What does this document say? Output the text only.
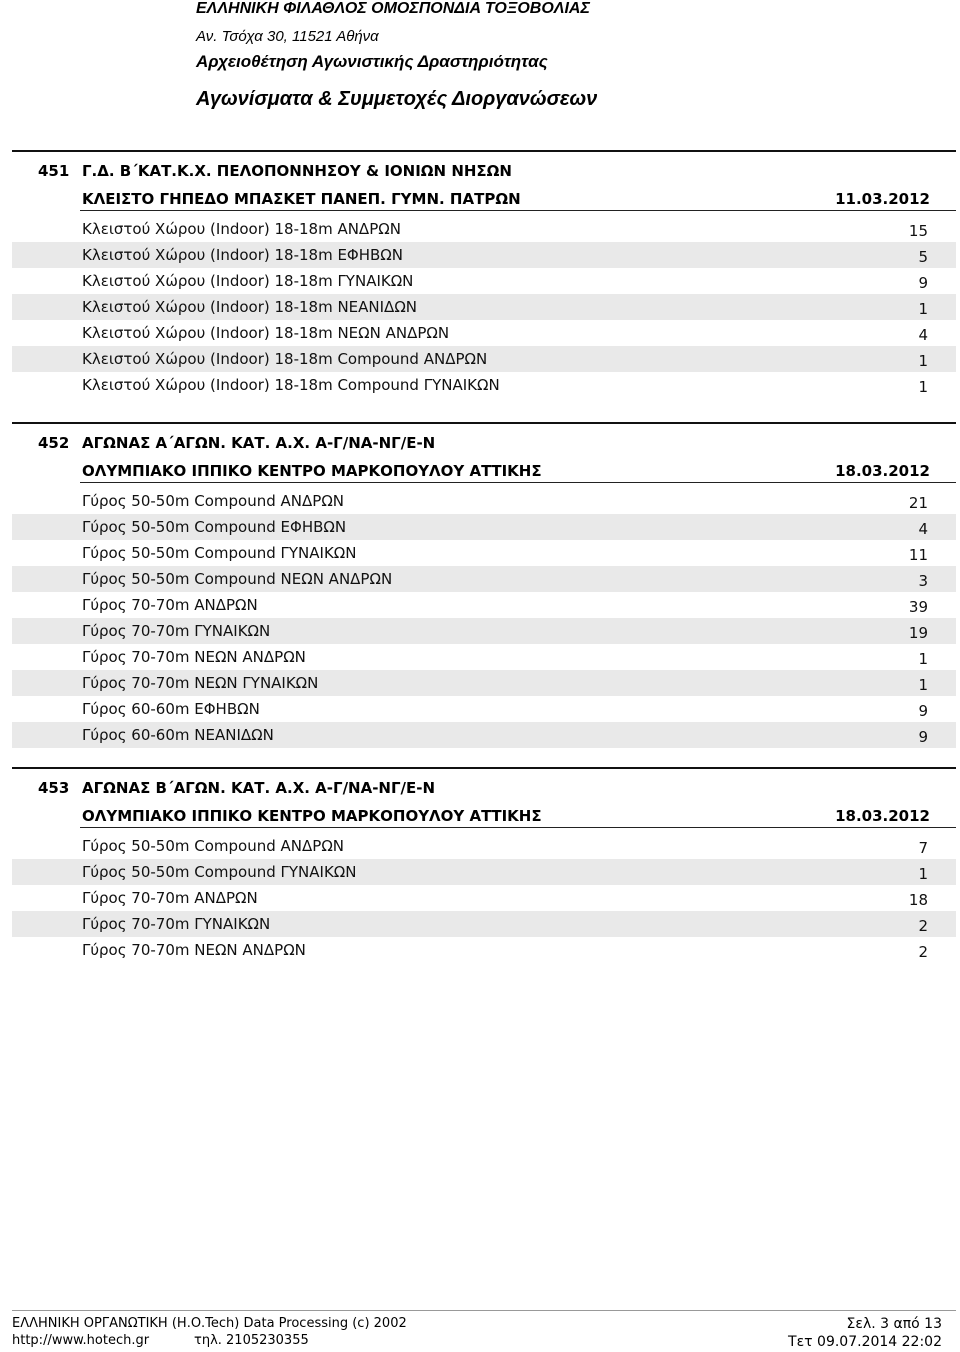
ΕΛΛΗΝΙΚΗ ΦΙΛΑΘΛΟΣ ΟΜΟΣΠΟΝΔΙΑ ΤΟΞΟΒΟΛΙΑΣ
Αν. Τσόχα 30, 11521 Αθήνα
Αρχειοθέτηση Αγωνιστικής Δραστηριότητας
Αγωνίσματα & Συμμετοχές Διοργανώσεων
451 Γ.Δ. Β΄ΚΑΤ.Κ.Χ. ΠΕΛΟΠΟΝΝΗΣΟΥ & ΙΟΝΙΩΝ ΝΗΣΩΝ
ΚΛΕΙΣΤΟ ΓΗΠΕΔΟ ΜΠΑΣΚΕΤ ΠΑΝΕΠ. ΓΥΜΝ. ΠΑΤΡΩΝ	11.03.2012
Κλειστού Χώρου (Indoor) 18-18m ΑΝΔΡΩΝ	15
Κλειστού Χώρου (Indoor) 18-18m ΕΦΗΒΩΝ	5
Κλειστού Χώρου (Indoor) 18-18m ΓΥΝΑΙΚΩΝ	9
Κλειστού Χώρου (Indoor) 18-18m ΝΕΑΝΙΔΩΝ	1
Κλειστού Χώρου (Indoor) 18-18m ΝΕΩΝ ΑΝΔΡΩΝ	4
Κλειστού Χώρου (Indoor) 18-18m Compound ΑΝΔΡΩΝ	1
Κλειστού Χώρου (Indoor) 18-18m Compound ΓΥΝΑΙΚΩΝ	1
452 ΑΓΩΝΑΣ Α΄ΑΓΩΝ. ΚΑΤ. Α.Χ. Α-Γ/ΝΑ-ΝΓ/Ε-Ν
ΟΛΥΜΠΙΑΚΟ ΙΠΠΙΚΟ ΚΕΝΤΡΟ ΜΑΡΚΟΠΟΥΛΟΥ ΑΤΤΙΚΗΣ	18.03.2012
Γύρος 50-50m Compound ΑΝΔΡΩΝ	21
Γύρος 50-50m Compound ΕΦΗΒΩΝ	4
Γύρος 50-50m Compound ΓΥΝΑΙΚΩΝ	11
Γύρος 50-50m Compound ΝΕΩΝ ΑΝΔΡΩΝ	3
Γύρος 70-70m ΑΝΔΡΩΝ	39
Γύρος 70-70m ΓΥΝΑΙΚΩΝ	19
Γύρος 70-70m ΝΕΩΝ ΑΝΔΡΩΝ	1
Γύρος 70-70m ΝΕΩΝ ΓΥΝΑΙΚΩΝ	1
Γύρος 60-60m ΕΦΗΒΩΝ	9
Γύρος 60-60m ΝΕΑΝΙΔΩΝ	9
453 ΑΓΩΝΑΣ Β΄ΑΓΩΝ. ΚΑΤ. Α.Χ. Α-Γ/ΝΑ-ΝΓ/Ε-Ν
ΟΛΥΜΠΙΑΚΟ ΙΠΠΙΚΟ ΚΕΝΤΡΟ ΜΑΡΚΟΠΟΥΛΟΥ ΑΤΤΙΚΗΣ	18.03.2012
Γύρος 50-50m Compound ΑΝΔΡΩΝ	7
Γύρος 50-50m Compound ΓΥΝΑΙΚΩΝ	1
Γύρος 70-70m ΑΝΔΡΩΝ	18
Γύρος 70-70m ΓΥΝΑΙΚΩΝ	2
Γύρος 70-70m ΝΕΩΝ ΑΝΔΡΩΝ	2
ΕΛΛΗΝΙΚΗ ΟΡΓΑΝΩΤΙΚΗ (Η.Ο.Tech) Data Processing (c) 2002
http://www.hotech.gr	τηλ. 2105230355
Σελ. 3 από 13
Τετ 09.07.2014 22:02
